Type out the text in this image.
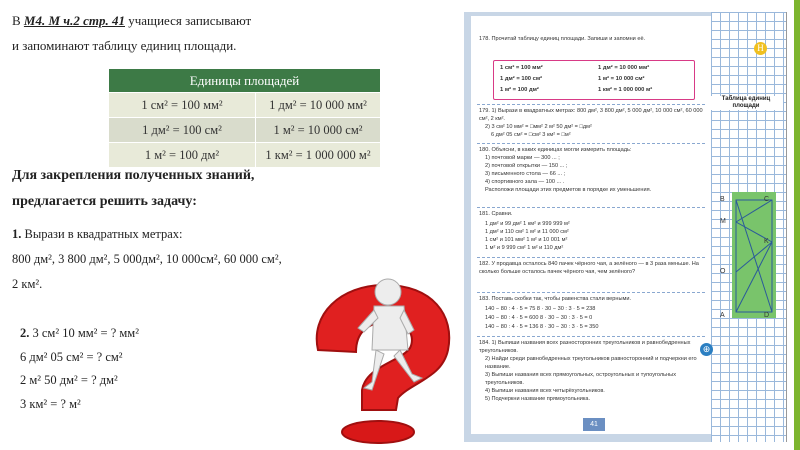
В М4. М ч.2 стр. 41 учащиеся записывают
и запоминают таблицу единиц площади.
Единицы площадей	
1 см² = 100 мм²	1 дм² = 10 000 мм²
1 дм² = 100 см²	1 м² = 10 000 см²
1 м² = 100 дм²	1 км² = 1 000 000 м²
Для закрепления полученных знаний,
предлагается решить задачу:
1. Вырази в квадратных метрах:
800 дм², 3 800 дм², 5 000дм², 10 000см², 60 000 см²,
2 км².
2. 3 см² 10 мм² = ? мм²
6 дм² 05 см² = ? см²
2 м² 50 дм² = ? дм²
3 км² = ? м²
178. Прочитай таблицу единиц площади. Запиши и запомни её.
1 см² = 100 мм²	1 дм² = 10 000 мм²
1 дм² = 100 см²	1 м² = 10 000 см²
1 м² = 100 дм²	1 км² = 1 000 000 м²
179. 1) Вырази в квадратных метрах: 800 дм², 3 800 дм², 5 000 дм², 10 000 см², 60 000 см², 2 км².
2) 3 см² 10 мм² = □мм² 2 м² 50 дм² = □дм²
6 дм² 05 см² = □см² 3 км² = □м²
180. Объясни, в каких единицах могли измерить площадь:
1) почтовой марки — 300 ... ;
2) почтовой открытки — 150 ... ;
3) письменного стола — 66 ... ;
4) спортивного зала — 100 ... .
Расположи площади этих предметов в порядке их уменьшения.
181. Сравни.
1 дм² и 99 дм² 1 км² и 999 999 м²
1 дм² и 110 см² 1 м² и 11 000 см²
1 см² и 101 мм² 1 м² и 10 001 м²
1 м² и 9 999 см² 1 м² и 110 дм²
182. У продавца осталось 840 пачек чёрного чая, а зелёного — в 3 раза меньше. На сколько больше осталось пачек чёрного чая, чем зелёного?
183. Поставь скобки так, чтобы равенства стали верными.
140 − 80 : 4 · 5 = 75 8 · 30 − 30 : 3 · 5 = 238
140 − 80 : 4 · 5 = 600 8 · 30 − 30 : 3 · 5 = 0
140 − 80 : 4 · 5 = 136 8 · 30 − 30 : 3 · 5 = 350
184. 1) Выпиши названия всех разносторонних треугольников и равнобедренных треугольников.
2) Найди среди равнобедренных треугольников равносторонний и подчеркни его название.
3) Выпиши названия всех прямоугольных, остроугольных и тупоугольных треугольников.
4) Выпиши названия всех четырёхугольников.
5) Подчеркни название прямоугольника.
41
Н
Таблица единиц площади
B	C
M
K
O
A	D
⊕
